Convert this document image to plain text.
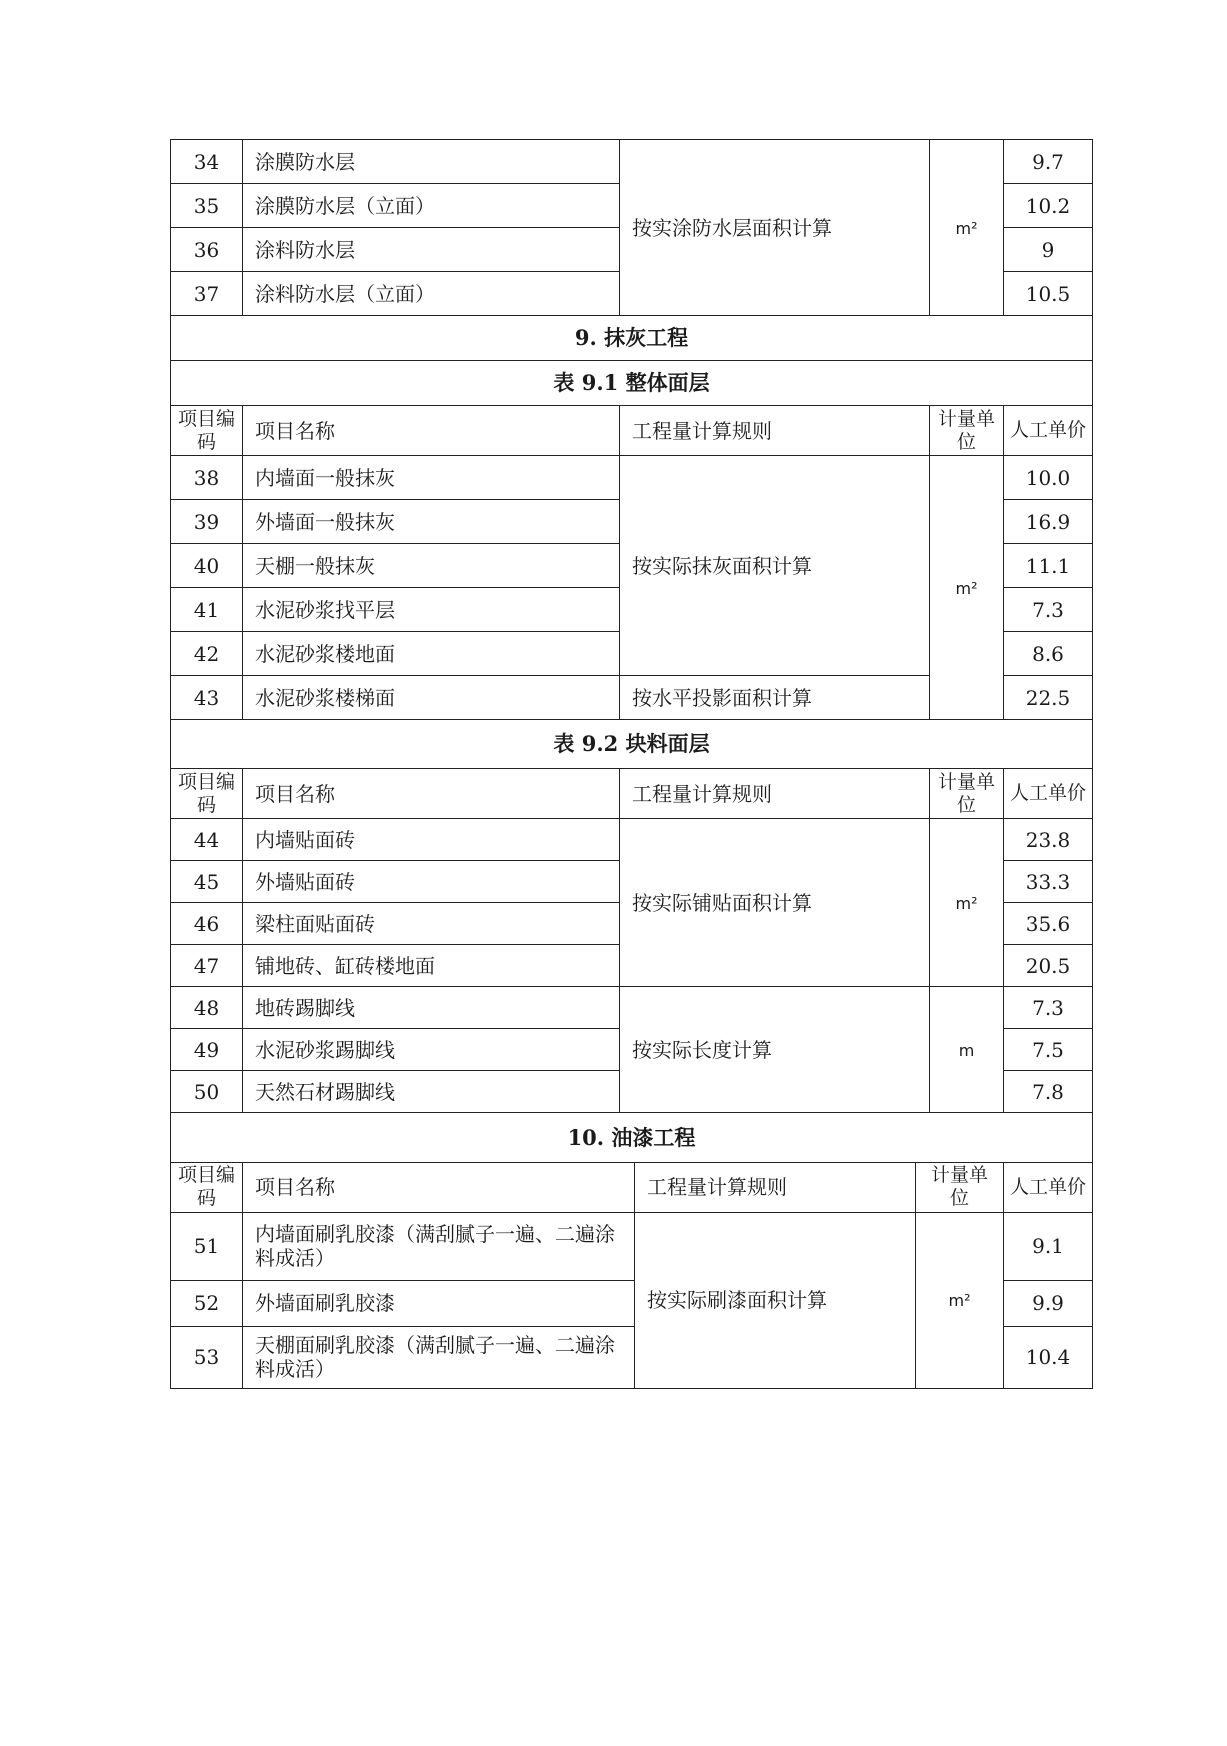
34	涂膜防水层	按实涂防水层面积计算	m²	9.7
35	涂膜防水层（立面）			10.2
36	涂料防水层			9
37	涂料防水层（立面）			10.5
9. 抹灰工程				
表 9.1 整体面层				
项目编码	项目名称	工程量计算规则	计量单位	人工单价
38	内墙面一般抹灰	按实际抹灰面积计算	m²	10.0
39	外墙面一般抹灰			16.9
40	天棚一般抹灰			11.1
41	水泥砂浆找平层			7.3
42	水泥砂浆楼地面			8.6
43	水泥砂浆楼梯面	按水平投影面积计算		22.5
表 9.2 块料面层				
项目编码	项目名称	工程量计算规则	计量单位	人工单价
44	内墙贴面砖	按实际铺贴面积计算	m²	23.8
45	外墙贴面砖			33.3
46	梁柱面贴面砖			35.6
47	铺地砖、缸砖楼地面			20.5
48	地砖踢脚线	按实际长度计算	m	7.3
49	水泥砂浆踢脚线			7.5
50	天然石材踢脚线			7.8
10. 油漆工程				
项目编码	项目名称	工程量计算规则	计量单位	人工单价
51	内墙面刷乳胶漆（满刮腻子一遍、二遍涂料成活）	按实际刷漆面积计算	m²	9.1
52	外墙面刷乳胶漆			9.9
53	天棚面刷乳胶漆（满刮腻子一遍、二遍涂料成活）			10.4
